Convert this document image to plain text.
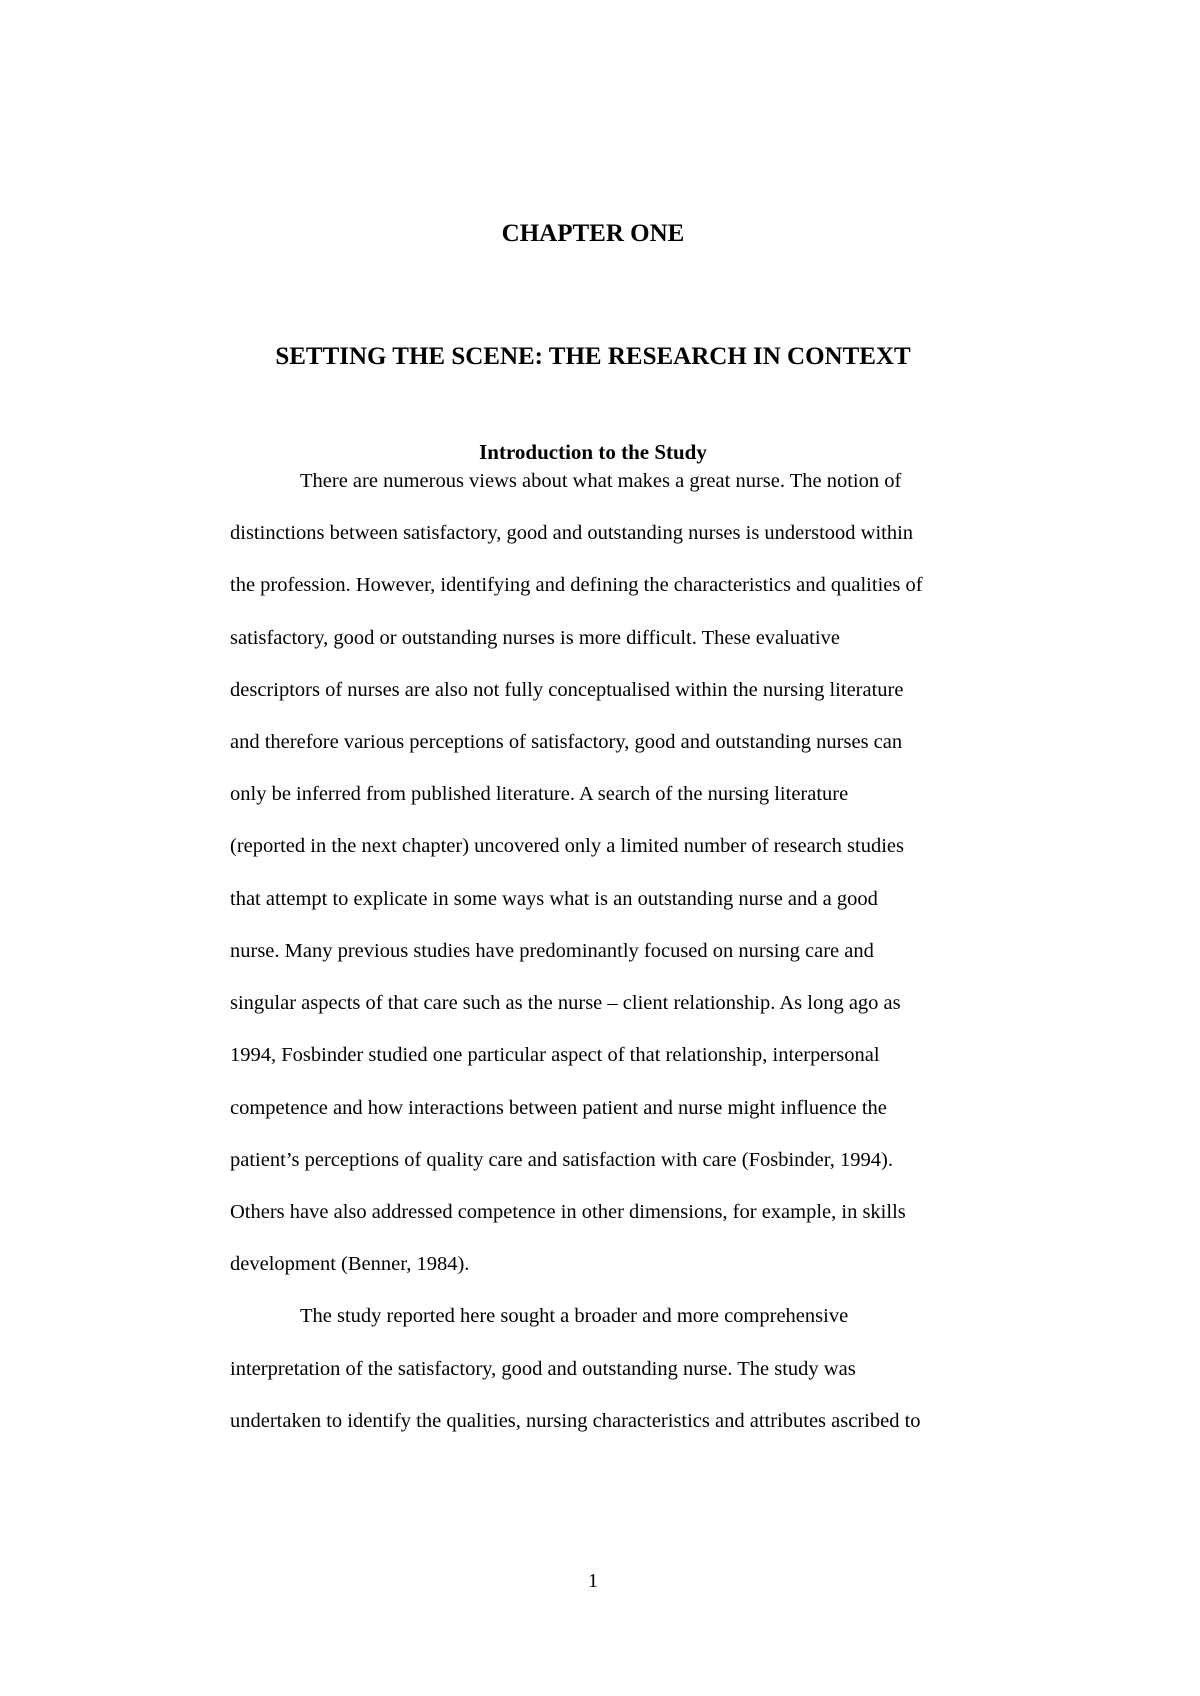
CHAPTER ONE
SETTING THE SCENE: THE RESEARCH IN CONTEXT
Introduction to the Study
There are numerous views about what makes a great nurse. The notion of
distinctions between satisfactory, good and outstanding nurses is understood within
the profession. However, identifying and defining the characteristics and qualities of
satisfactory, good or outstanding nurses is more difficult. These evaluative
descriptors of nurses are also not fully conceptualised within the nursing literature
and therefore various perceptions of satisfactory, good and outstanding nurses can
only be inferred from published literature. A search of the nursing literature
(reported in the next chapter) uncovered only a limited number of research studies
that attempt to explicate in some ways what is an outstanding nurse and a good
nurse. Many previous studies have predominantly focused on nursing care and
singular aspects of that care such as the nurse – client relationship. As long ago as
1994, Fosbinder studied one particular aspect of that relationship, interpersonal
competence and how interactions between patient and nurse might influence the
patient’s perceptions of quality care and satisfaction with care (Fosbinder, 1994).
Others have also addressed competence in other dimensions, for example, in skills
development (Benner, 1984).
The study reported here sought a broader and more comprehensive
interpretation of the satisfactory, good and outstanding nurse. The study was
undertaken to identify the qualities, nursing characteristics and attributes ascribed to
1
